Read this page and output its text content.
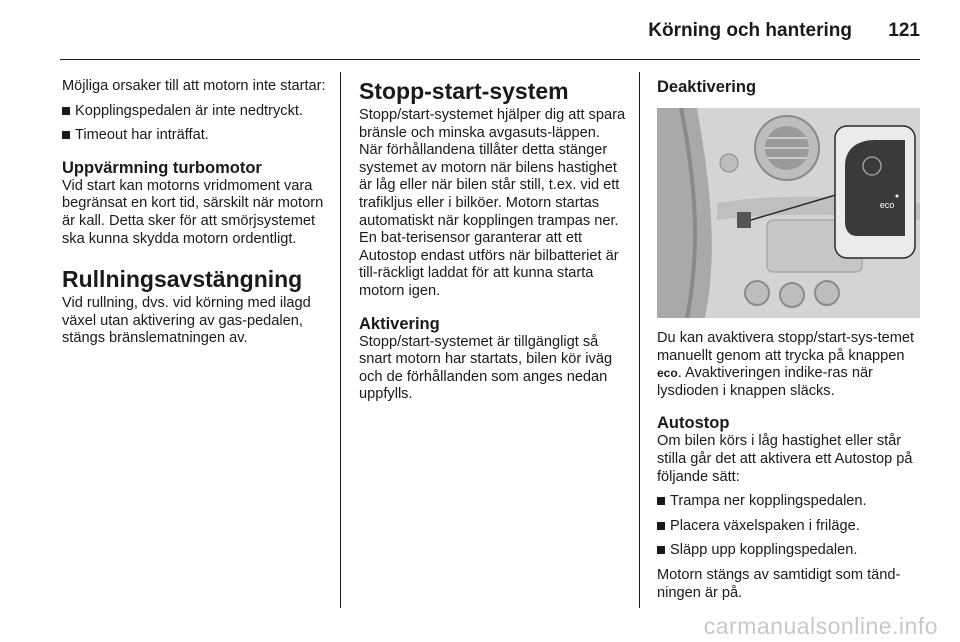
Körning och hantering 121

Möjliga orsaker till att motorn inte startar:

Kopplingspedalen är inte nedtryckt.
Timeout har inträffat.

Uppvärmning turbomotor

Vid start kan motorns vridmoment vara begränsat en kort tid, särskilt när motorn är kall. Detta sker för att smörjsystemet ska kunna skydda motorn ordentligt.

Rullningsavstängning

Vid rullning, dvs. vid körning med ilagd växel utan aktivering av gas-pedalen, stängs bränslematningen av.

Stopp-start-system

Stopp/start-systemet hjälper dig att spara bränsle och minska avgasuts-läppen. När förhållandena tillåter detta stänger systemet av motorn när bilens hastighet är låg eller när bilen står still, t.ex. vid ett trafikljus eller i bilköer. Motorn startas automatiskt när kopplingen trampas ner. En bat-terisensor garanterar att ett Autostop endast utförs när bilbatteriet är till-räckligt laddat för att kunna starta motorn igen.

Aktivering

Stopp/start-systemet är tillgängligt så snart motorn har startats, bilen kör iväg och de förhållanden som anges nedan uppfylls.

Deaktivering

eco

Du kan avaktivera stopp/start-sys-temet manuellt genom att trycka på knappen eco. Avaktiveringen indike-ras när lysdioden i knappen släcks.

Autostop

Om bilen körs i låg hastighet eller står stilla går det att aktivera ett Autostop på följande sätt:

Trampa ner kopplingspedalen.
Placera växelspaken i friläge.
Släpp upp kopplingspedalen.

Motorn stängs av samtidigt som tänd-ningen är på.

carmanualsonline.info
